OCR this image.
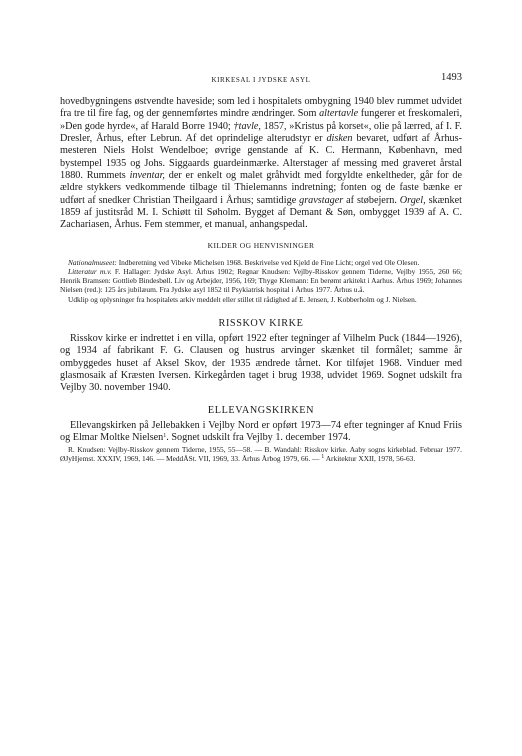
KIRKESAL I JYDSKE ASYL	1493

hovedbygningens østvendte haveside; som led i hospitalets ombygning 1940 blev rummet udvidet fra tre til fire fag, og der gennemførtes mindre ændringer. Som altertavle fungerer et freskomaleri, »Den gode hyrde«, af Harald Borre 1940; †tavle, 1857, »Kristus på korset«, olie på lærred, af I. F. Dresler, Århus, efter Lebrun. Af det oprindelige alterudstyr er disken bevaret, udført af Århus-mesteren Niels Holst Wendelboe; øvrige genstande af K. C. Hermann, København, med bystempel 1935 og Johs. Siggaards guardeinmærke. Alterstager af messing med graveret årstal 1880. Rummets inventar, der er enkelt og malet gråhvidt med forgyldte enkeltheder, går for de ældre stykkers vedkommende tilbage til Thielemanns indretning; fonten og de faste bænke er udført af snedker Christian Theilgaard i Århus; samtidige gravstager af støbejern. Orgel, skænket 1859 af justitsråd M. I. Schiøtt til Søholm. Bygget af Demant & Søn, ombygget 1939 af A. C. Zachariasen, Århus. Fem stemmer, et manual, anhangspedal.

KILDER OG HENVISNINGER

Nationalmuseet: Indberetning ved Vibeke Michelsen 1968. Beskrivelse ved Kjeld de Fine Licht; orgel ved Ole Olesen.

Litteratur m.v. F. Hallager: Jydske Asyl. Århus 1902; Regnar Knudsen: Vejlby-Risskov gennem Tiderne, Vejlby 1955, 260 66; Henrik Bramsen: Gottlieb Bindesbøll. Liv og Arbejder, 1956, 169; Thyge Klemann: En berømt arkitekt i Aarhus. Århus 1969; Johannes Nielsen (red.): 125 års jubilæum. Fra Jydske asyl 1852 til Psykiatrisk hospital i Århus 1977. Århus u.å.

Udklip og oplysninger fra hospitalets arkiv meddelt eller stillet til rådighed af E. Jensen, J. Kobberholm og J. Nielsen.

RISSKOV KIRKE

Risskov kirke er indrettet i en villa, opført 1922 efter tegninger af Vilhelm Puck (1844—1926), og 1934 af fabrikant F. G. Clausen og hustrus arvinger skænket til formålet; samme år ombyggedes huset af Aksel Skov, der 1935 ændrede tårnet. Kor tilføjet 1968. Vinduer med glasmosaik af Kræsten Iversen. Kirkegården taget i brug 1938, udvidet 1969. Sognet udskilt fra Vejlby 30. november 1940.

ELLEVANGSKIRKEN

Ellevangskirken på Jellebakken i Vejlby Nord er opført 1973—74 efter tegninger af Knud Friis og Elmar Moltke Nielsen$^1$. Sognet udskilt fra Vejlby 1. december 1974.

R. Knudsen: Vejlby-Risskov gennem Tiderne, 1955, 55—58. — B. Wandahl: Risskov kirke. Aaby sogns kirkeblad. Februar 1977. ØJyHjemst. XXXIV, 1969, 146. — MeddÅSt. VII, 1969, 33. Århus Årbog 1979, 66. — $^1$ Arkitektur XXII, 1978, 56-63.
